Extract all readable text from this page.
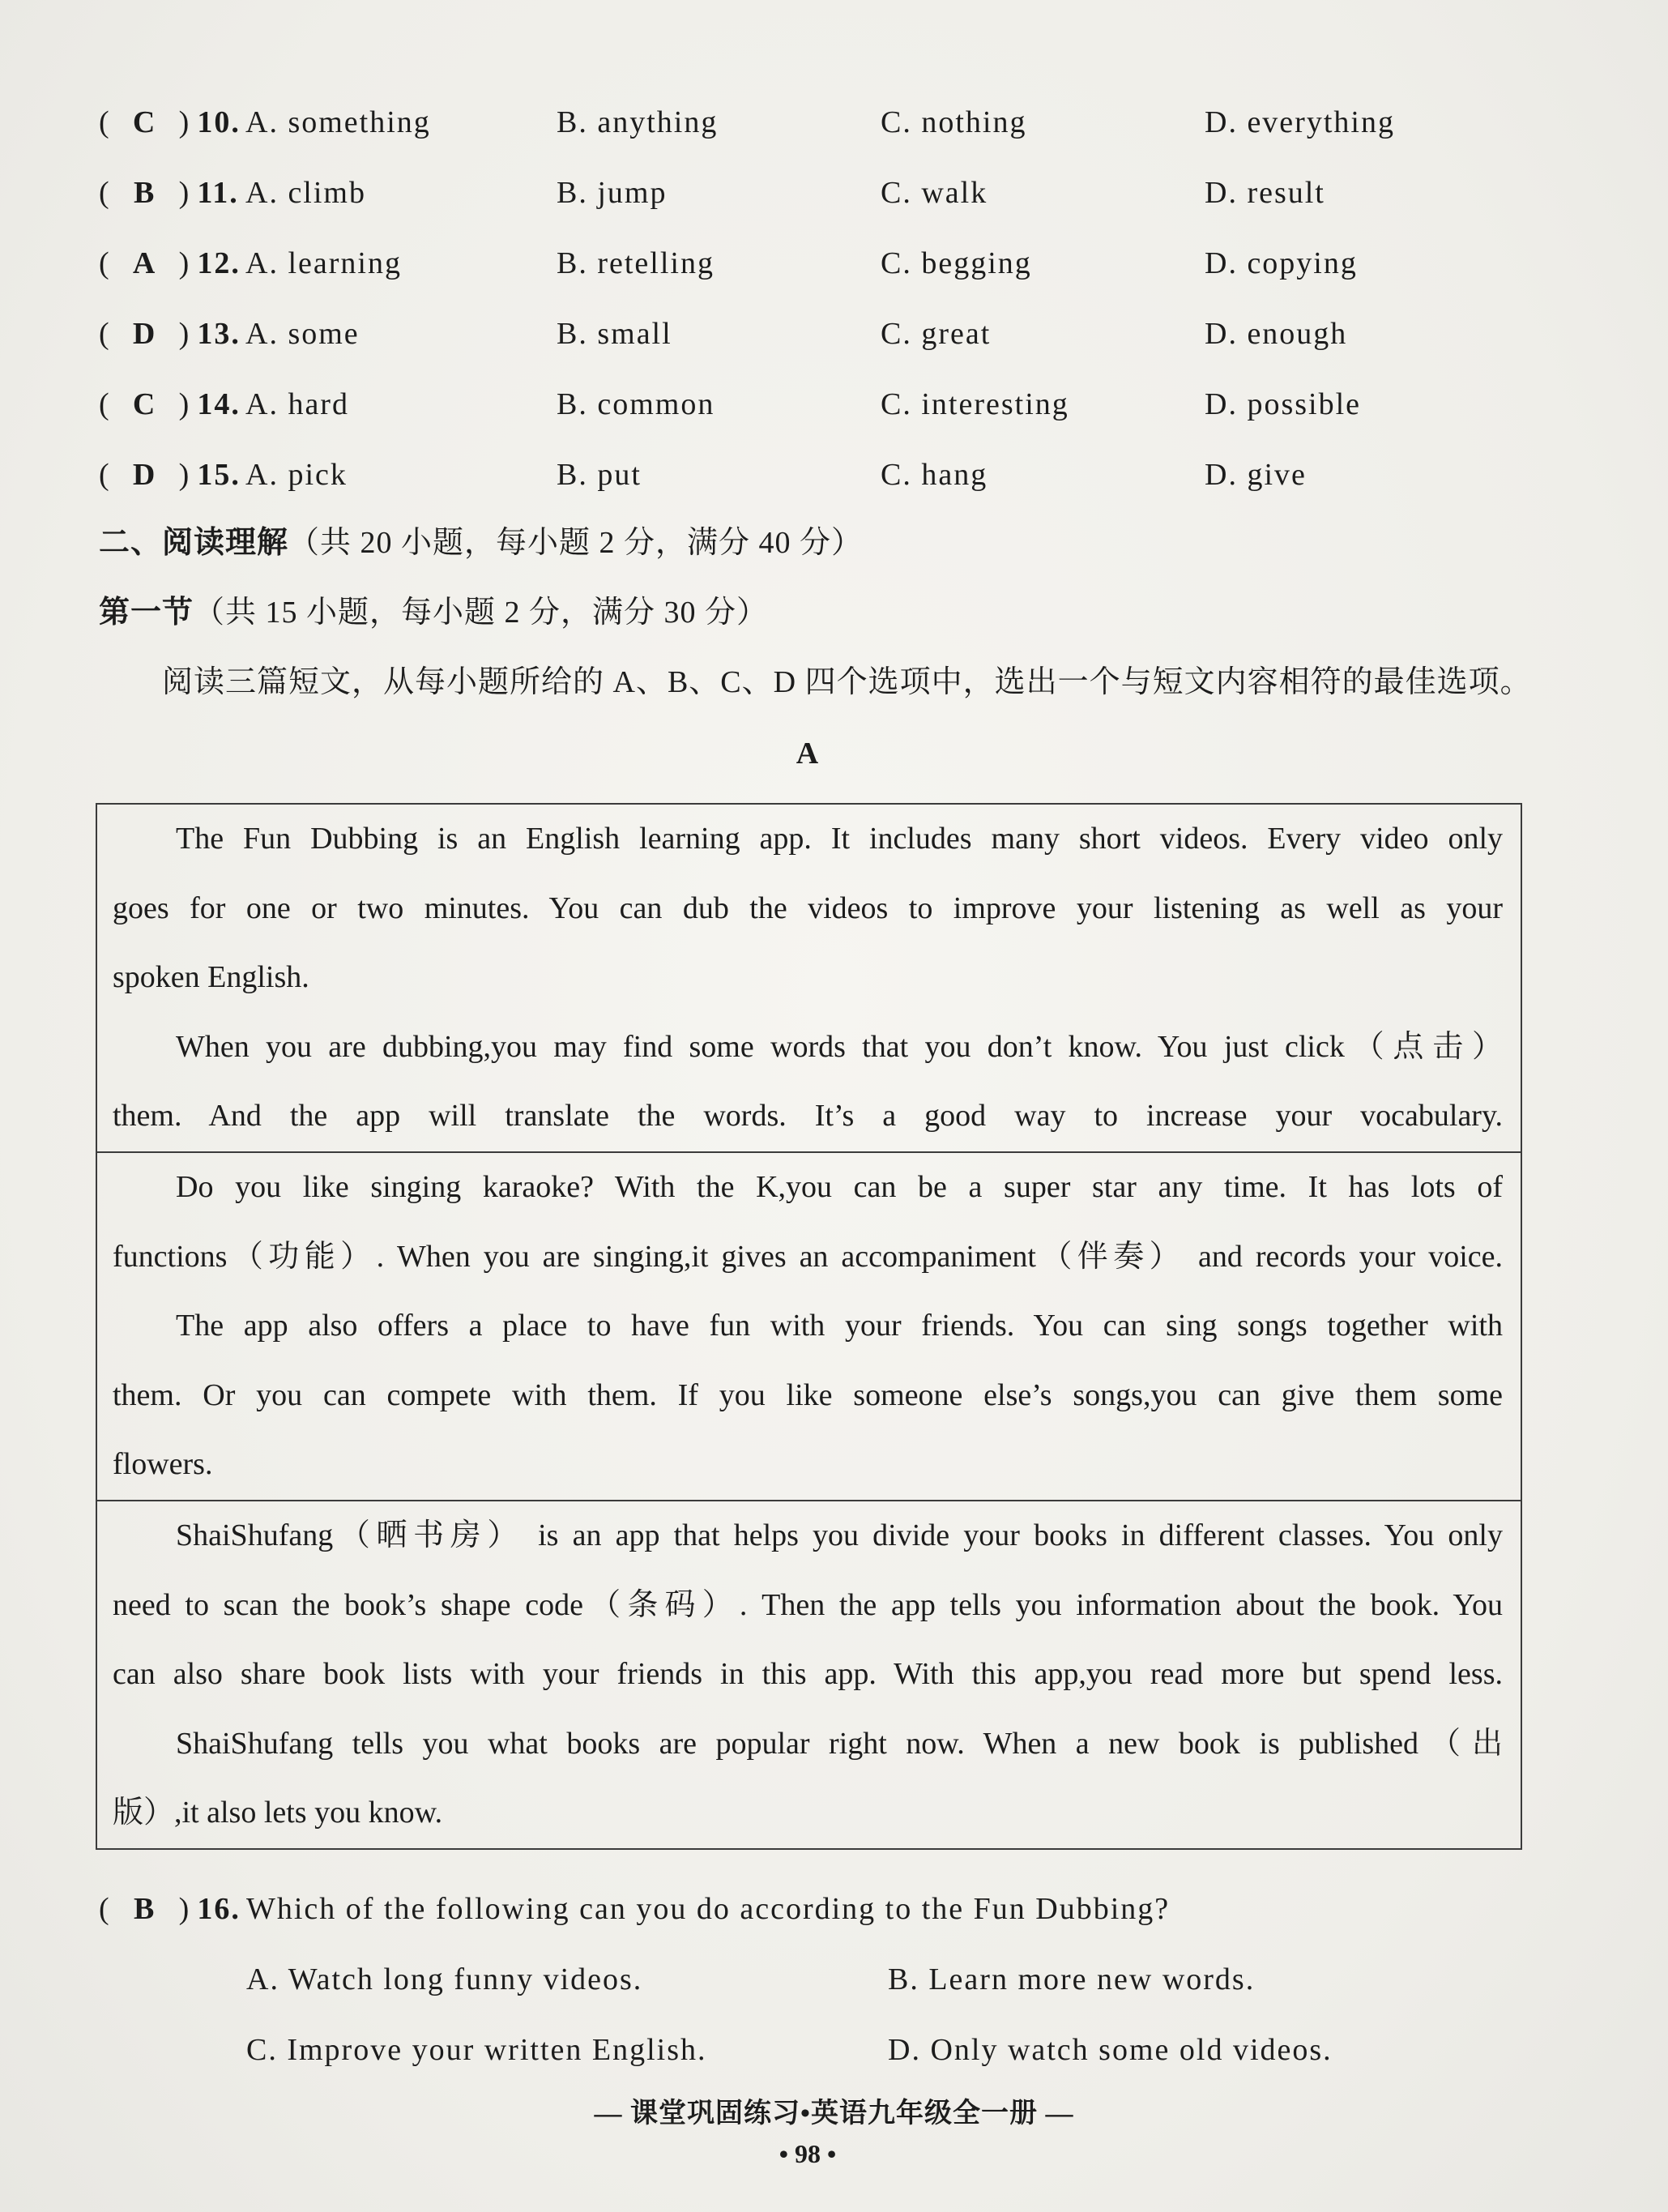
( C ) 10. A. something	B. anything	C. nothing	D. everything
( B ) 11. A. climb	B. jump	C. walk	D. result
( A ) 12. A. learning	B. retelling	C. begging	D. copying
( D ) 13. A. some	B. small	C. great	D. enough
( C ) 14. A. hard	B. common	C. interesting	D. possible
( D ) 15. A. pick	B. put	C. hang	D. give
二、阅读理解（共 20 小题，每小题 2 分，满分 40 分）
第一节（共 15 小题，每小题 2 分，满分 30 分）
阅读三篇短文，从每小题所给的 A、B、C、D 四个选项中，选出一个与短文内容相符的最佳选项。
A
The Fun Dubbing is an English learning app. It includes many short videos. Every video only
goes for one or two minutes. You can dub the videos to improve your listening as well as your
spoken English.
When you are dubbing,you may find some words that you don’t know. You just click（点击）
them. And the app will translate the words. It’s a good way to increase your vocabulary.
Do you like singing karaoke? With the K,you can be a super star any time. It has lots of
functions（功能）. When you are singing,it gives an accompaniment（伴奏） and records your voice.
The app also offers a place to have fun with your friends. You can sing songs together with
them. Or you can compete with them. If you like someone else’s songs,you can give them some
flowers.
ShaiShufang（晒书房） is an app that helps you divide your books in different classes. You only
need to scan the book’s shape code（条码）. Then the app tells you information about the book. You
can also share book lists with your friends in this app. With this app,you read more but spend less.
ShaiShufang tells you what books are popular right now. When a new book is published（出
版）,it also lets you know.
( B ) 16. Which of the following can you do according to the Fun Dubbing?
A. Watch long funny videos.	B. Learn more new words.
C. Improve your written English.	D. Only watch some old videos.
— 课堂巩固练习•英语九年级全一册 —
• 98 •
